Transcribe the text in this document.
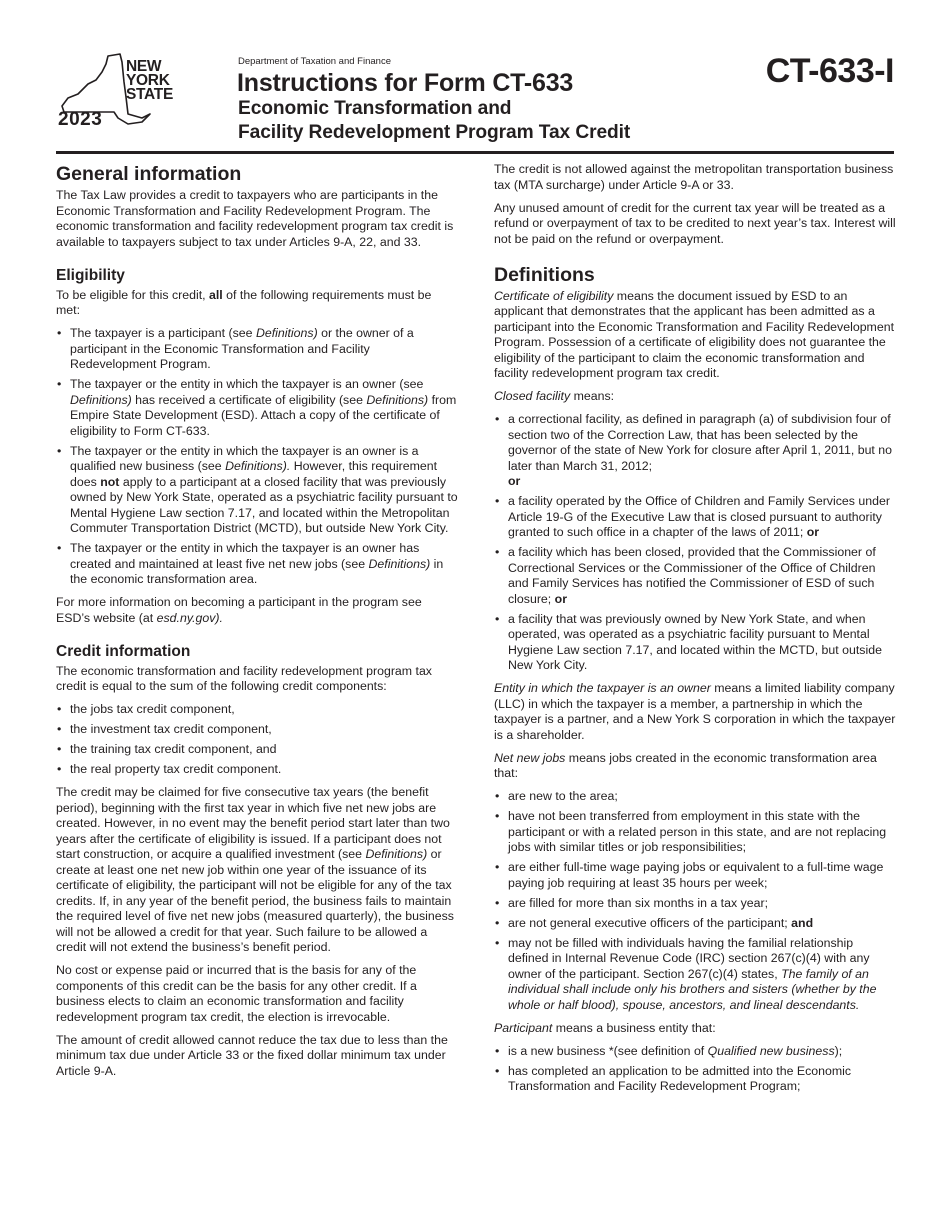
NEW
YORK
STATE
2023
Department of Taxation and Finance
Instructions for Form CT-633
Economic Transformation and
Facility Redevelopment Program Tax Credit
CT-633-I
General information

The Tax Law provides a credit to taxpayers who are participants in the Economic Transformation and Facility Redevelopment Program. The economic transformation and facility redevelopment program tax credit is available to taxpayers subject to tax under Articles 9-A, 22, and 33.

Eligibility

To be eligible for this credit, all of the following requirements must be met:

• The taxpayer is a participant (see Definitions) or the owner of a participant in the Economic Transformation and Facility Redevelopment Program.
• The taxpayer or the entity in which the taxpayer is an owner (see Definitions) has received a certificate of eligibility (see Definitions) from Empire State Development (ESD). Attach a copy of the certificate of eligibility to Form CT-633.
• The taxpayer or the entity in which the taxpayer is an owner is a qualified new business (see Definitions). However, this requirement does not apply to a participant at a closed facility that was previously owned by New York State, operated as a psychiatric facility pursuant to Mental Hygiene Law section 7.17, and located within the Metropolitan Commuter Transportation District (MCTD), but outside New York City.
• The taxpayer or the entity in which the taxpayer is an owner has created and maintained at least five net new jobs (see Definitions) in the economic transformation area.

For more information on becoming a participant in the program see ESD’s website (at esd.ny.gov).

Credit information

The economic transformation and facility redevelopment program tax credit is equal to the sum of the following credit components:

• the jobs tax credit component,
• the investment tax credit component,
• the training tax credit component, and
• the real property tax credit component.

The credit may be claimed for five consecutive tax years (the benefit period), beginning with the first tax year in which five net new jobs are created. However, in no event may the benefit period start later than two years after the certificate of eligibility is issued. If a participant does not start construction, or acquire a qualified investment (see Definitions) or create at least one net new job within one year of the issuance of its certificate of eligibility, the participant will not be eligible for any of the tax credits. If, in any year of the benefit period, the business fails to maintain the required level of five net new jobs (measured quarterly), the business will not be allowed a credit for that year. Such failure to be allowed a credit will not extend the business’s benefit period.

No cost or expense paid or incurred that is the basis for any of the components of this credit can be the basis for any other credit. If a business elects to claim an economic transformation and facility redevelopment program tax credit, the election is irrevocable.

The amount of credit allowed cannot reduce the tax due to less than the minimum tax due under Article 33 or the fixed dollar minimum tax under Article 9-A.

The credit is not allowed against the metropolitan transportation business tax (MTA surcharge) under Article 9-A or 33.

Any unused amount of credit for the current tax year will be treated as a refund or overpayment of tax to be credited to next year’s tax. Interest will not be paid on the refund or overpayment.

Definitions

Certificate of eligibility means the document issued by ESD to an applicant that demonstrates that the applicant has been admitted as a participant into the Economic Transformation and Facility Redevelopment Program. Possession of a certificate of eligibility does not guarantee the eligibility of the participant to claim the economic transformation and facility redevelopment program tax credit.

Closed facility means:

• a correctional facility, as defined in paragraph (a) of subdivision four of section two of the Correction Law, that has been selected by the governor of the state of New York for closure after April 1, 2011, but no later than March 31, 2012;
or
• a facility operated by the Office of Children and Family Services under Article 19-G of the Executive Law that is closed pursuant to authority granted to such office in a chapter of the laws of 2011; or
• a facility which has been closed, provided that the Commissioner of Correctional Services or the Commissioner of the Office of Children and Family Services has notified the Commissioner of ESD of such closure; or
• a facility that was previously owned by New York State, and when operated, was operated as a psychiatric facility pursuant to Mental Hygiene Law section 7.17, and located within the MCTD, but outside New York City.

Entity in which the taxpayer is an owner means a limited liability company (LLC) in which the taxpayer is a member, a partnership in which the taxpayer is a partner, and a New York S corporation in which the taxpayer is a shareholder.

Net new jobs means jobs created in the economic transformation area that:

• are new to the area;
• have not been transferred from employment in this state with the participant or with a related person in this state, and are not replacing jobs with similar titles or job responsibilities;
• are either full-time wage paying jobs or equivalent to a full-time wage paying job requiring at least 35 hours per week;
• are filled for more than six months in a tax year;
• are not general executive officers of the participant; and
• may not be filled with individuals having the familial relationship defined in Internal Revenue Code (IRC) section 267(c)(4) with any owner of the participant. Section 267(c)(4) states, The family of an individual shall include only his brothers and sisters (whether by the whole or half blood), spouse, ancestors, and lineal descendants.

Participant means a business entity that:

• is a new business *(see definition of Qualified new business);
• has completed an application to be admitted into the Economic Transformation and Facility Redevelopment Program;
